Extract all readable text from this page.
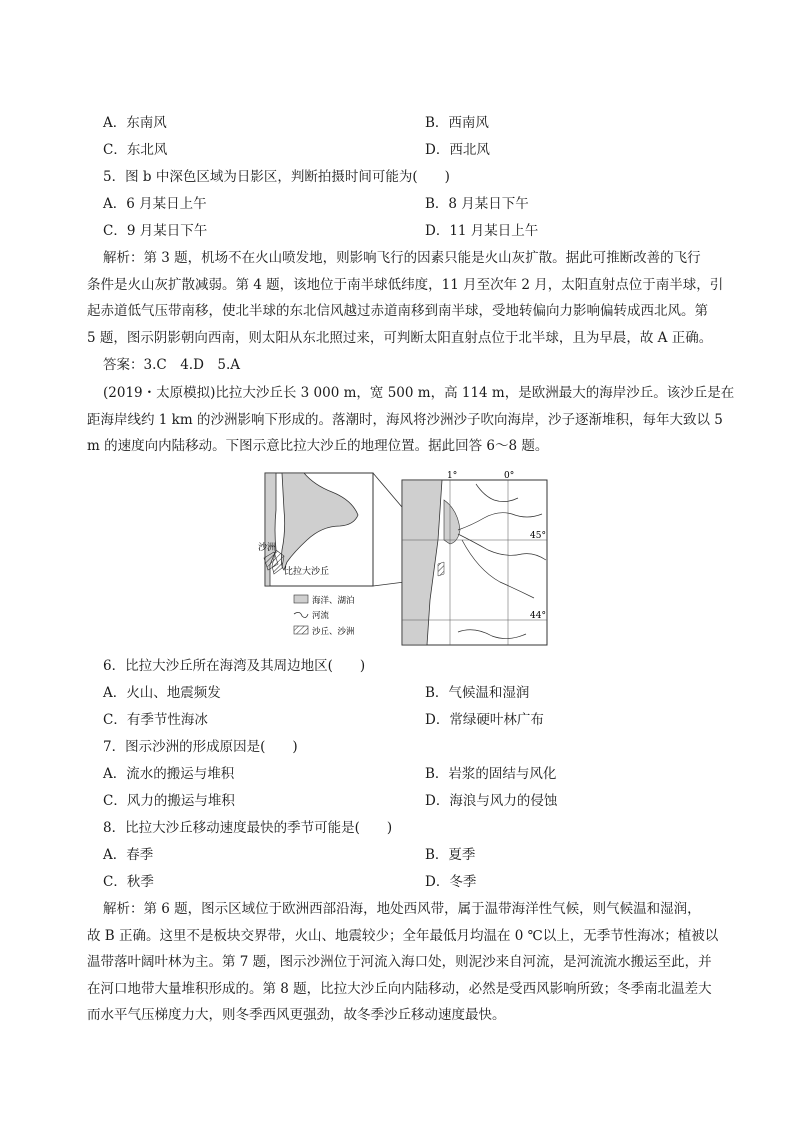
A．东南风	B．西南风
C．东北风	D．西北风
5．图 b 中深色区域为日影区，判断拍摄时间可能为(　　)
A．6 月某日上午	B．8 月某日下午
C．9 月某日下午	D．11 月某日上午
解析：第 3 题，机场不在火山喷发地，则影响飞行的因素只能是火山灰扩散。据此可推断改善的飞行
条件是火山灰扩散减弱。第 4 题，该地位于南半球低纬度，11 月至次年 2 月，太阳直射点位于南半球，引
起赤道低气压带南移，使北半球的东北信风越过赤道南移到南半球，受地转偏向力影响偏转成西北风。第
5 题，图示阴影朝向西南，则太阳从东北照过来，可判断太阳直射点位于北半球，且为早晨，故 A 正确。
答案：3.C　4.D　5.A
(2019・太原模拟)比拉大沙丘长 3 000 m，宽 500 m，高 114 m，是欧洲最大的海岸沙丘。该沙丘是在
距海岸线约 1 km 的沙洲影响下形成的。落潮时，海风将沙洲沙子吹向海岸，沙子逐渐堆积，每年大致以 5
m 的速度向内陆移动。下图示意比拉大沙丘的地理位置。据此回答 6～8 题。
沙洲
比拉大沙丘
海洋、湖泊
河流
沙丘、沙洲
1°	0°
45°
44°
6．比拉大沙丘所在海湾及其周边地区(　　)
A．火山、地震频发	B．气候温和湿润
C．有季节性海冰	D．常绿硬叶林广布
7．图示沙洲的形成原因是(　　)
A．流水的搬运与堆积	B．岩浆的固结与风化
C．风力的搬运与堆积	D．海浪与风力的侵蚀
8．比拉大沙丘移动速度最快的季节可能是(　　)
A．春季	B．夏季
C．秋季	D．冬季
解析：第 6 题，图示区域位于欧洲西部沿海，地处西风带，属于温带海洋性气候，则气候温和湿润，
故 B 正确。这里不是板块交界带，火山、地震较少；全年最低月均温在 0 ℃以上，无季节性海冰；植被以
温带落叶阔叶林为主。第 7 题，图示沙洲位于河流入海口处，则泥沙来自河流，是河流流水搬运至此，并
在河口地带大量堆积形成的。第 8 题，比拉大沙丘向内陆移动，必然是受西风影响所致；冬季南北温差大
而水平气压梯度力大，则冬季西风更强劲，故冬季沙丘移动速度最快。
